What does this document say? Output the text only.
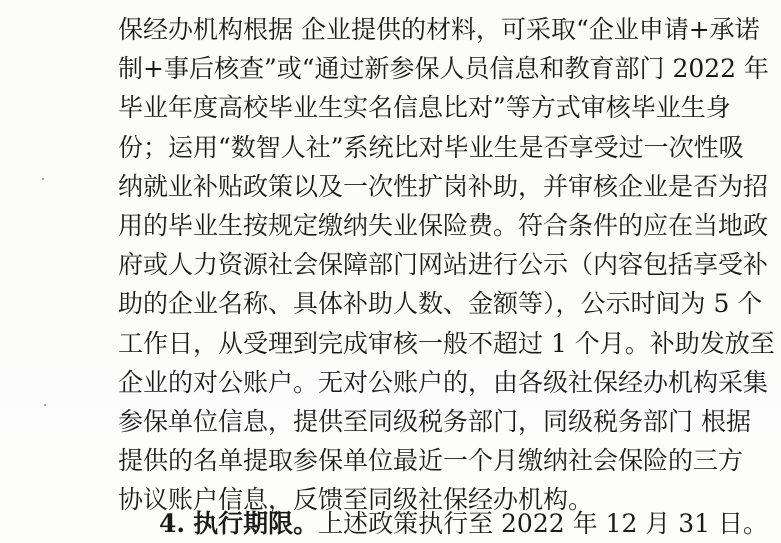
保经办机构根据 企业提供的材料，可采取“企业申请+承诺
制+事后核查”或“通过新参保人员信息和教育部门 2022 年
毕业年度高校毕业生实名信息比对”等方式审核毕业生身
份；运用“数智人社”系统比对毕业生是否享受过一次性吸
纳就业补贴政策以及一次性扩岗补助，并审核企业是否为招
用的毕业生按规定缴纳失业保险费。符合条件的应在当地政
府或人力资源社会保障部门网站进行公示（内容包括享受补
助的企业名称、具体补助人数、金额等），公示时间为 5 个
工作日，从受理到完成审核一般不超过 1 个月。补助发放至
企业的对公账户。无对公账户的，由各级社保经办机构采集
参保单位信息，提供至同级税务部门，同级税务部门 根据
提供的名单提取参保单位最近一个月缴纳社会保险的三方
协议账户信息，反馈至同级社保经办机构。
4. 执行期限。上述政策执行至 2022 年 12 月 31 日。
